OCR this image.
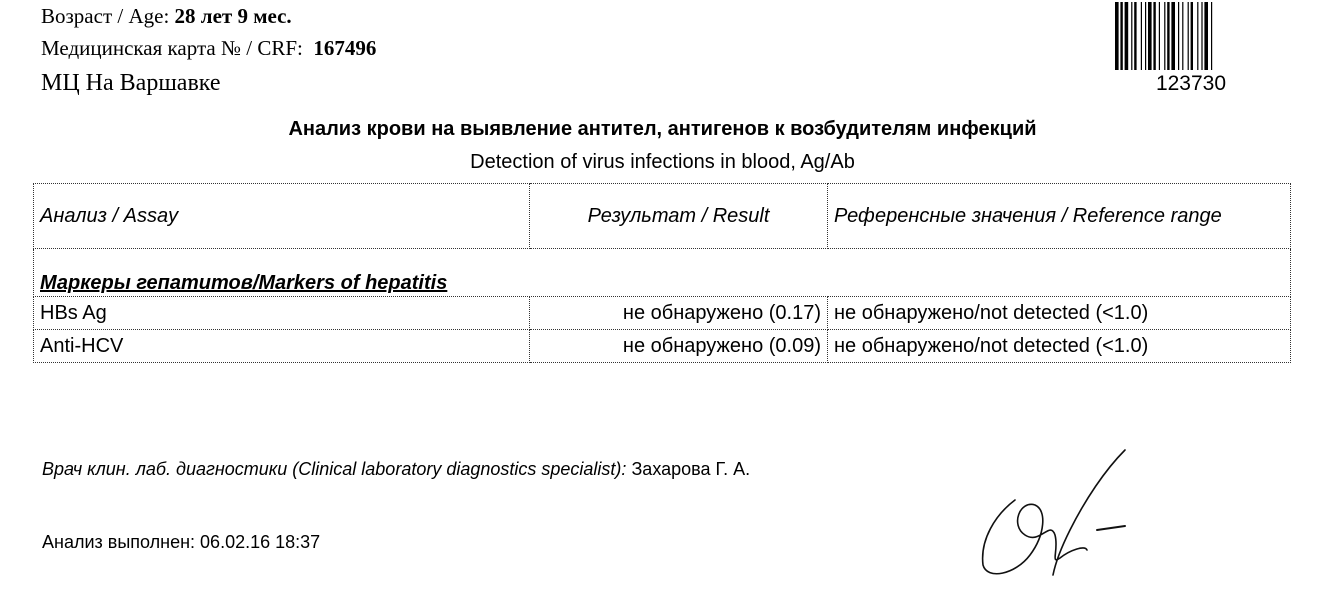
Возраст / Age: 28 лет 9 мес.
Медицинская карта № / CRF: 167496
МЦ На Варшавке	123730
Анализ крови на выявление антител, антигенов к возбудителям инфекций
Detection of virus infections in blood, Ag/Ab
Анализ / Assay	Результат / Result	Референсные значения / Reference range
Маркеры гепатитов/Markers of hepatitis		
HBs Ag	не обнаружено (0.17)	не обнаружено/not detected (<1.0)
Anti-HCV	не обнаружено (0.09)	не обнаружено/not detected (<1.0)
Врач клин. лаб. диагностики (Clinical laboratory diagnostics specialist): Захарова Г. А.
Анализ выполнен: 06.02.16 18:37
